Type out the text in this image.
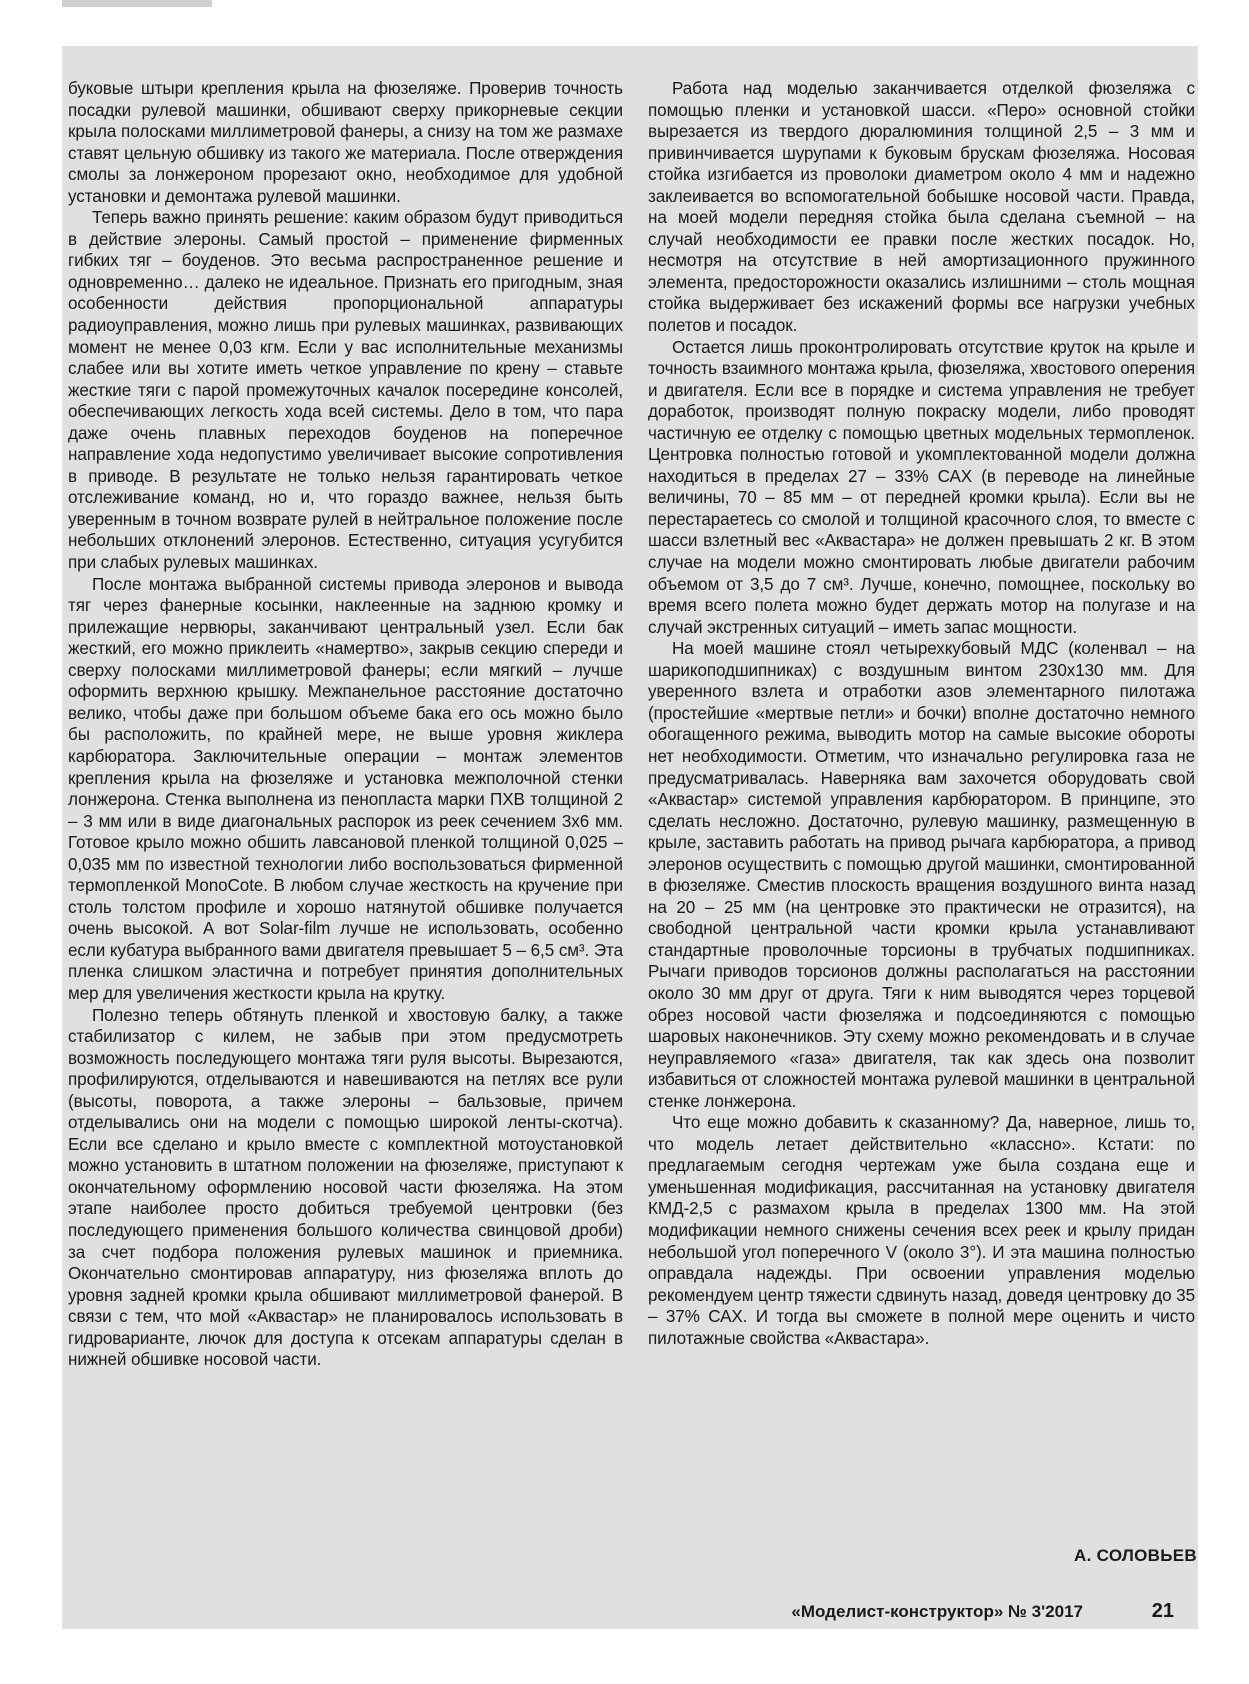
буковые штыри крепления крыла на фюзеляже. Проверив точность посадки рулевой машинки, обшивают сверху прикорневые секции крыла полосками миллиметровой фанеры, а снизу на том же размахе ставят цельную обшивку из такого же материала. После отверждения смолы за лонжероном прорезают окно, необходимое для удобной установки и демонтажа рулевой машинки.

Теперь важно принять решение: каким образом будут приводиться в действие элероны. Самый простой – применение фирменных гибких тяг – боуденов. Это весьма распространенное решение и одновременно… далеко не идеальное. Признать его пригодным, зная особенности действия пропорциональной аппаратуры радиоуправления, можно лишь при рулевых машинках, развивающих момент не менее 0,03 кгм. Если у вас исполнительные механизмы слабее или вы хотите иметь четкое управление по крену – ставьте жесткие тяги с парой промежуточных качалок посередине консолей, обеспечивающих легкость хода всей системы. Дело в том, что пара даже очень плавных переходов боуденов на поперечное направление хода недопустимо увеличивает высокие сопротивления в приводе. В результате не только нельзя гарантировать четкое отслеживание команд, но и, что гораздо важнее, нельзя быть уверенным в точном возврате рулей в нейтральное положение после небольших отклонений элеронов. Естественно, ситуация усугубится при слабых рулевых машинках.

После монтажа выбранной системы привода элеронов и вывода тяг через фанерные косынки, наклеенные на заднюю кромку и прилежащие нервюры, заканчивают центральный узел. Если бак жесткий, его можно приклеить «намертво», закрыв секцию спереди и сверху полосками миллиметровой фанеры; если мягкий – лучше оформить верхнюю крышку. Межпанельное расстояние достаточно велико, чтобы даже при большом объеме бака его ось можно было бы расположить, по крайней мере, не выше уровня жиклера карбюратора. Заключительные операции – монтаж элементов крепления крыла на фюзеляже и установка межполочной стенки лонжерона. Стенка выполнена из пенопласта марки ПХВ толщиной 2 – 3 мм или в виде диагональных распорок из реек сечением 3х6 мм. Готовое крыло можно обшить лавсановой пленкой толщиной 0,025 – 0,035 мм по известной технологии либо воспользоваться фирменной термопленкой MonoCote. В любом случае жесткость на кручение при столь толстом профиле и хорошо натянутой обшивке получается очень высокой. А вот Solar-film лучше не использовать, особенно если кубатура выбранного вами двигателя превышает 5 – 6,5 см³. Эта пленка слишком эластична и потребует принятия дополнительных мер для увеличения жесткости крыла на крутку.

Полезно теперь обтянуть пленкой и хвостовую балку, а также стабилизатор с килем, не забыв при этом предусмотреть возможность последующего монтажа тяги руля высоты. Вырезаются, профилируются, отделываются и навешиваются на петлях все рули (высоты, поворота, а также элероны – бальзовые, причем отделывались они на модели с помощью широкой ленты-скотча). Если все сделано и крыло вместе с комплектной мотоустановкой можно установить в штатном положении на фюзеляже, приступают к окончательному оформлению носовой части фюзеляжа. На этом этапе наиболее просто добиться требуемой центровки (без последующего применения большого количества свинцовой дроби) за счет подбора положения рулевых машинок и приемника. Окончательно смонтировав аппаратуру, низ фюзеляжа вплоть до уровня задней кромки крыла обшивают миллиметровой фанерой. В связи с тем, что мой «Аквастар» не планировалось использовать в гидроварианте, лючок для доступа к отсекам аппаратуры сделан в нижней обшивке носовой части.

Работа над моделью заканчивается отделкой фюзеляжа с помощью пленки и установкой шасси. «Перо» основной стойки вырезается из твердого дюралюминия толщиной 2,5 – 3 мм и привинчивается шурупами к буковым брускам фюзеляжа. Носовая стойка изгибается из проволоки диаметром около 4 мм и надежно заклеивается во вспомогательной бобышке носовой части. Правда, на моей модели передняя стойка была сделана съемной – на случай необходимости ее правки после жестких посадок. Но, несмотря на отсутствие в ней амортизационного пружинного элемента, предосторожности оказались излишними – столь мощная стойка выдерживает без искажений формы все нагрузки учебных полетов и посадок.

Остается лишь проконтролировать отсутствие круток на крыле и точность взаимного монтажа крыла, фюзеляжа, хвостового оперения и двигателя. Если все в порядке и система управления не требует доработок, производят полную покраску модели, либо проводят частичную ее отделку с помощью цветных модельных термопленок. Центровка полностью готовой и укомплектованной модели должна находиться в пределах 27 – 33% САХ (в переводе на линейные величины, 70 – 85 мм – от передней кромки крыла). Если вы не перестараетесь со смолой и толщиной красочного слоя, то вместе с шасси взлетный вес «Аквастара» не должен превышать 2 кг. В этом случае на модели можно смонтировать любые двигатели рабочим объемом от 3,5 до 7 см³. Лучше, конечно, помощнее, поскольку во время всего полета можно будет держать мотор на полугазе и на случай экстренных ситуаций – иметь запас мощности.

На моей машине стоял четырехкубовый МДС (коленвал – на шарикоподшипниках) с воздушным винтом 230х130 мм. Для уверенного взлета и отработки азов элементарного пилотажа (простейшие «мертвые петли» и бочки) вполне достаточно немного обогащенного режима, выводить мотор на самые высокие обороты нет необходимости. Отметим, что изначально регулировка газа не предусматривалась. Наверняка вам захочется оборудовать свой «Аквастар» системой управления карбюратором. В принципе, это сделать несложно. Достаточно, рулевую машинку, размещенную в крыле, заставить работать на привод рычага карбюратора, а привод элеронов осуществить с помощью другой машинки, смонтированной в фюзеляже. Сместив плоскость вращения воздушного винта назад на 20 – 25 мм (на центровке это практически не отразится), на свободной центральной части кромки крыла устанавливают стандартные проволочные торсионы в трубчатых подшипниках. Рычаги приводов торсионов должны располагаться на расстоянии около 30 мм друг от друга. Тяги к ним выводятся через торцевой обрез носовой части фюзеляжа и подсоединяются с помощью шаровых наконечников. Эту схему можно рекомендовать и в случае неуправляемого «газа» двигателя, так как здесь она позволит избавиться от сложностей монтажа рулевой машинки в центральной стенке лонжерона.

Что еще можно добавить к сказанному? Да, наверное, лишь то, что модель летает действительно «классно». Кстати: по предлагаемым сегодня чертежам уже была создана еще и уменьшенная модификация, рассчитанная на установку двигателя КМД-2,5 с размахом крыла в пределах 1300 мм. На этой модификации немного снижены сечения всех реек и крылу придан небольшой угол поперечного V (около 3°). И эта машина полностью оправдала надежды. При освоении управления моделью рекомендуем центр тяжести сдвинуть назад, доведя центровку до 35 – 37% САХ. И тогда вы сможете в полной мере оценить и чисто пилотажные свойства «Аквастара».

А. СОЛОВЬЕВ
«Моделист-конструктор» № 3'2017	21
